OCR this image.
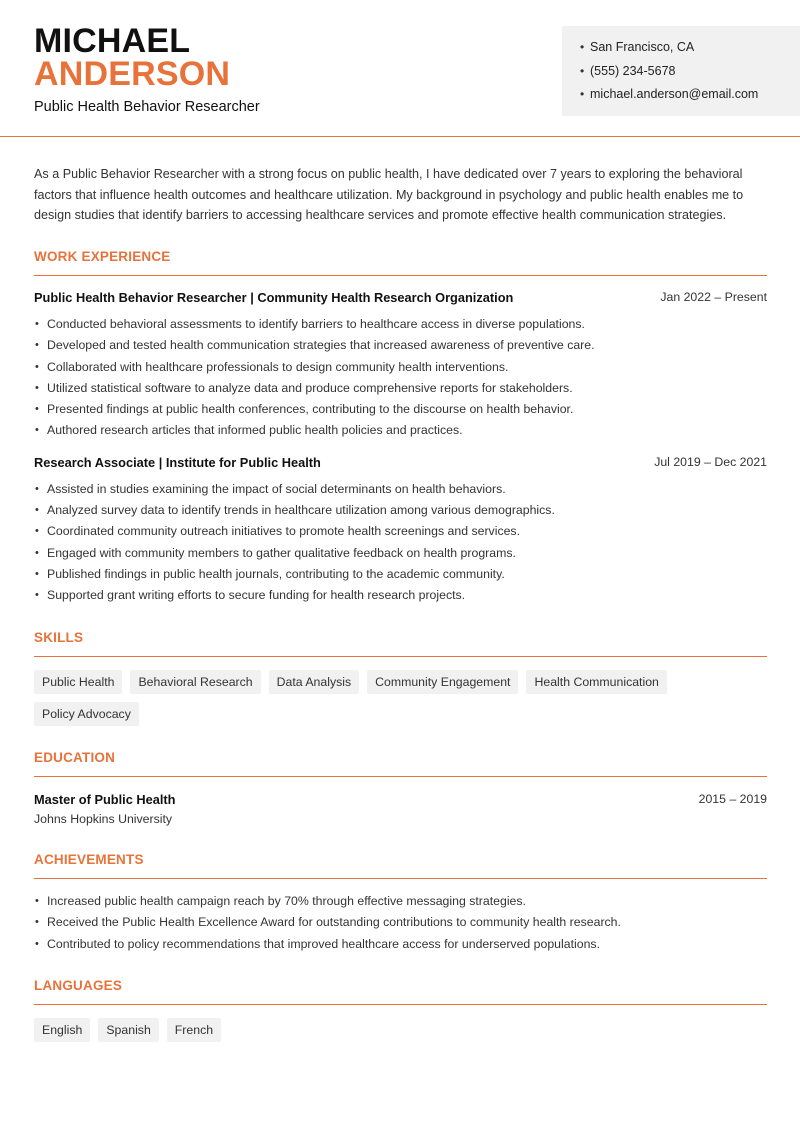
MICHAEL
ANDERSON
Public Health Behavior Researcher
• San Francisco, CA
• (555) 234-5678
• michael.anderson@email.com
As a Public Behavior Researcher with a strong focus on public health, I have dedicated over 7 years to exploring the behavioral factors that influence health outcomes and healthcare utilization. My background in psychology and public health enables me to design studies that identify barriers to accessing healthcare services and promote effective health communication strategies.
WORK EXPERIENCE
Public Health Behavior Researcher | Community Health Research Organization	Jan 2022 – Present
• Conducted behavioral assessments to identify barriers to healthcare access in diverse populations.
• Developed and tested health communication strategies that increased awareness of preventive care.
• Collaborated with healthcare professionals to design community health interventions.
• Utilized statistical software to analyze data and produce comprehensive reports for stakeholders.
• Presented findings at public health conferences, contributing to the discourse on health behavior.
• Authored research articles that informed public health policies and practices.
Research Associate | Institute for Public Health	Jul 2019 – Dec 2021
• Assisted in studies examining the impact of social determinants on health behaviors.
• Analyzed survey data to identify trends in healthcare utilization among various demographics.
• Coordinated community outreach initiatives to promote health screenings and services.
• Engaged with community members to gather qualitative feedback on health programs.
• Published findings in public health journals, contributing to the academic community.
• Supported grant writing efforts to secure funding for health research projects.
SKILLS
Public Health	Behavioral Research	Data Analysis	Community Engagement	Health Communication
Policy Advocacy
EDUCATION
Master of Public Health	2015 – 2019
Johns Hopkins University
ACHIEVEMENTS
• Increased public health campaign reach by 70% through effective messaging strategies.
• Received the Public Health Excellence Award for outstanding contributions to community health research.
• Contributed to policy recommendations that improved healthcare access for underserved populations.
LANGUAGES
English	Spanish	French
